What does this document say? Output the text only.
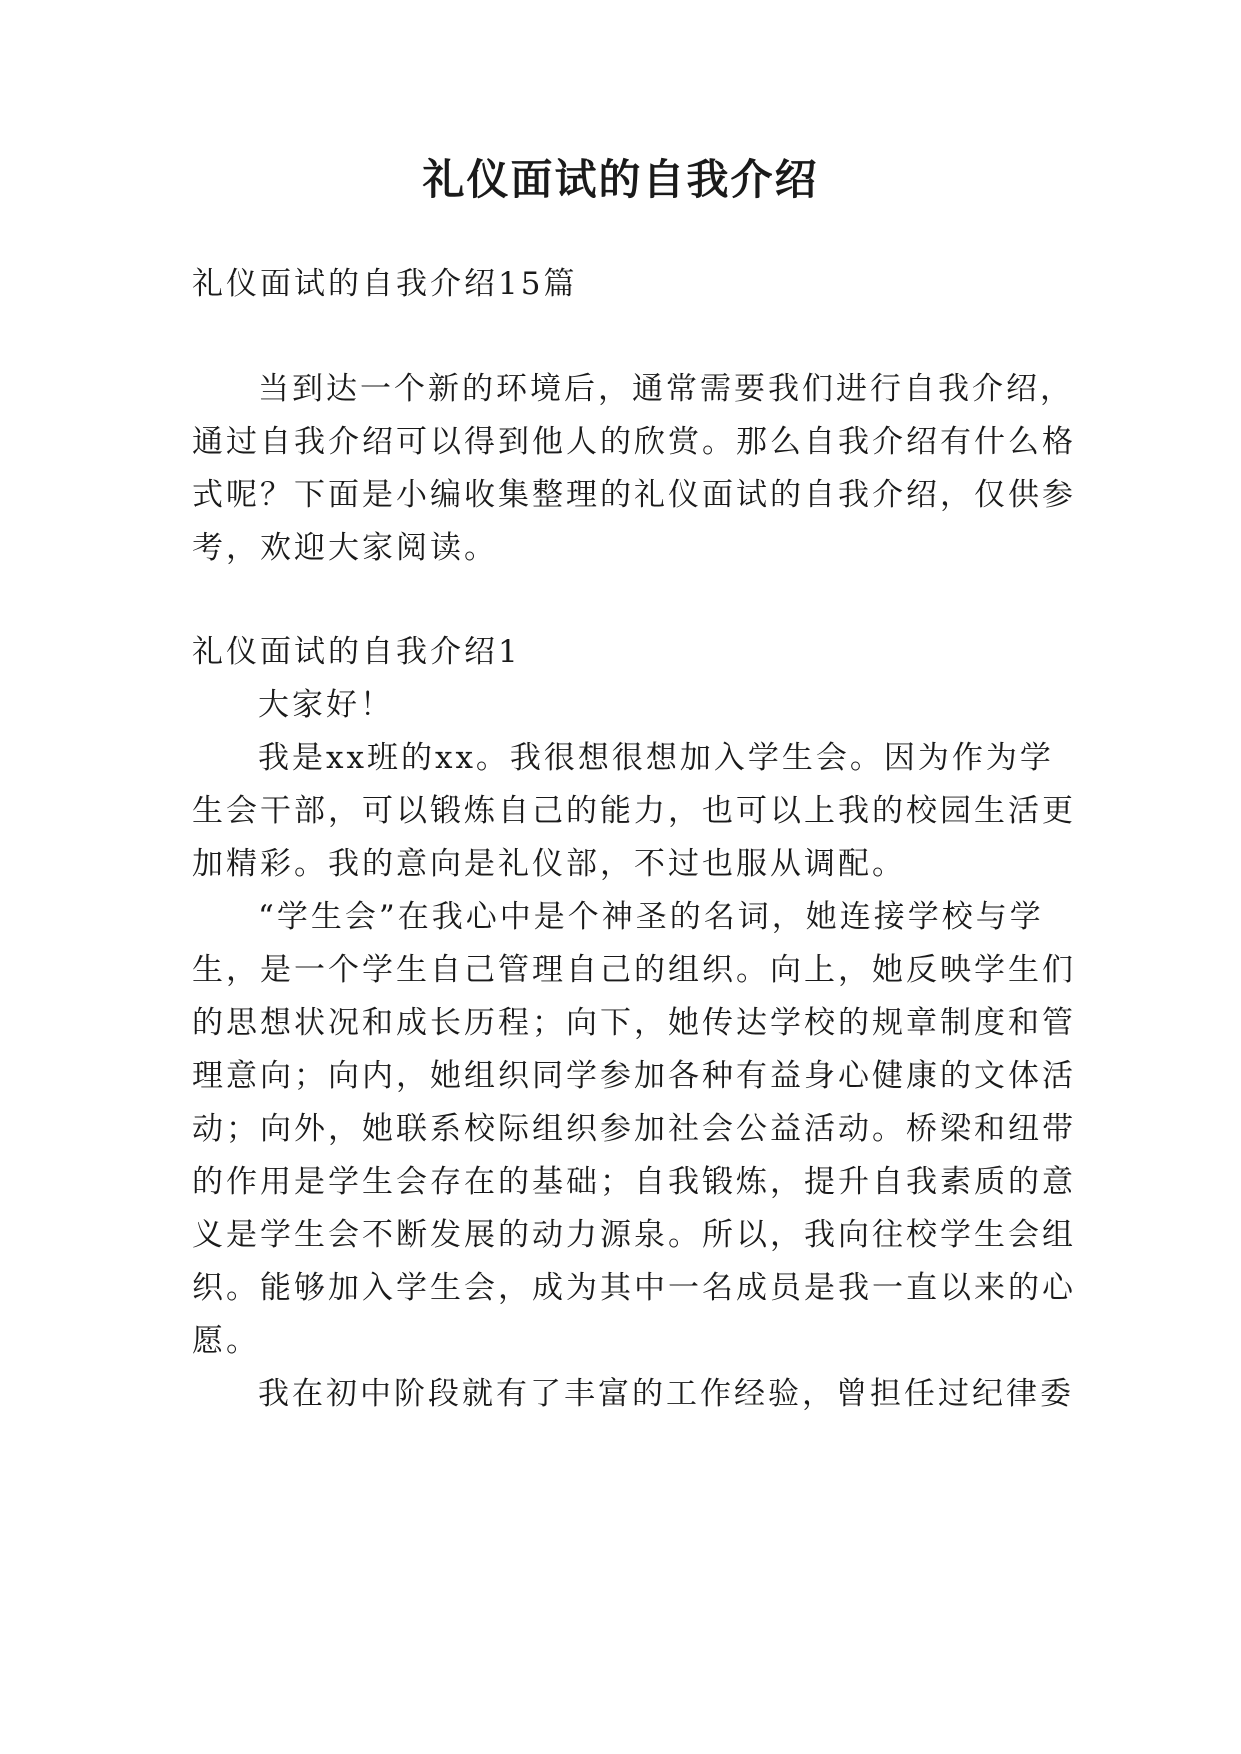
礼仪面试的自我介绍
礼仪面试的自我介绍15篇
当到达一个新的环境后，通常需要我们进行自我介绍，
通过自我介绍可以得到他人的欣赏。那么自我介绍有什么格
式呢？下面是小编收集整理的礼仪面试的自我介绍，仅供参
考，欢迎大家阅读。
礼仪面试的自我介绍1
大家好！
我是xx班的xx。我很想很想加入学生会。因为作为学
生会干部，可以锻炼自己的能力，也可以上我的校园生活更
加精彩。我的意向是礼仪部，不过也服从调配。
“学生会”在我心中是个神圣的名词，她连接学校与学
生，是一个学生自己管理自己的组织。向上，她反映学生们
的思想状况和成长历程；向下，她传达学校的规章制度和管
理意向；向内，她组织同学参加各种有益身心健康的文体活
动；向外，她联系校际组织参加社会公益活动。桥梁和纽带
的作用是学生会存在的基础；自我锻炼，提升自我素质的意
义是学生会不断发展的动力源泉。所以，我向往校学生会组
织。能够加入学生会，成为其中一名成员是我一直以来的心
愿。
我在初中阶段就有了丰富的工作经验，曾担任过纪律委
